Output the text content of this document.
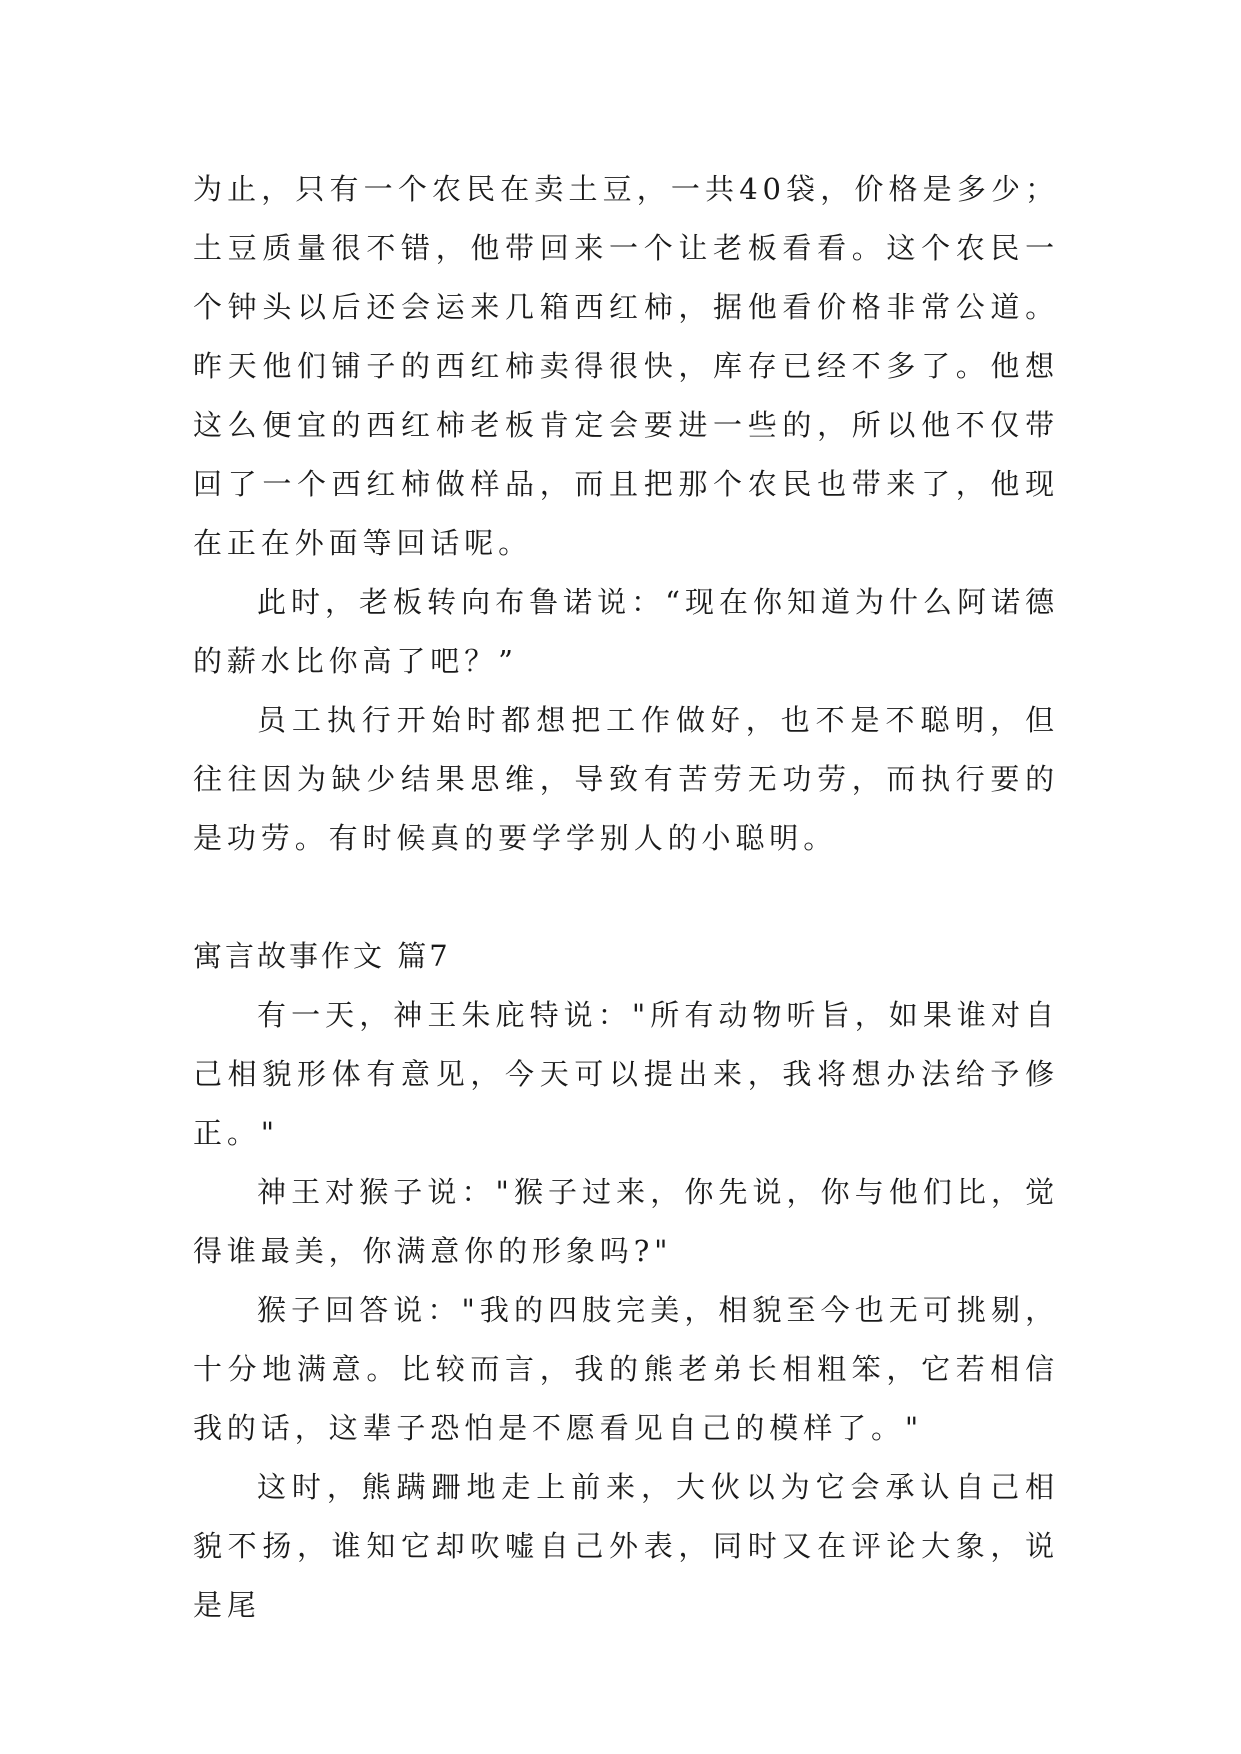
为止，只有一个农民在卖土豆，一共40袋，价格是多少；土豆质量很不错，他带回来一个让老板看看。这个农民一个钟头以后还会运来几箱西红柿，据他看价格非常公道。昨天他们铺子的西红柿卖得很快，库存已经不多了。他想这么便宜的西红柿老板肯定会要进一些的，所以他不仅带回了一个西红柿做样品，而且把那个农民也带来了，他现在正在外面等回话呢。

此时，老板转向布鲁诺说：“现在你知道为什么阿诺德的薪水比你高了吧？”

员工执行开始时都想把工作做好，也不是不聪明，但往往因为缺少结果思维，导致有苦劳无功劳，而执行要的是功劳。有时候真的要学学别人的小聪明。

寓言故事作文 篇7

有一天，神王朱庇特说："所有动物听旨，如果谁对自己相貌形体有意见，今天可以提出来，我将想办法给予修正。"

神王对猴子说："猴子过来，你先说，你与他们比，觉得谁最美，你满意你的形象吗?"

猴子回答说："我的四肢完美，相貌至今也无可挑剔，十分地满意。比较而言，我的熊老弟长相粗笨，它若相信我的话，这辈子恐怕是不愿看见自己的模样了。"

这时，熊蹒跚地走上前来，大伙以为它会承认自己相貌不扬，谁知它却吹嘘自己外表，同时又在评论大象，说是尾
